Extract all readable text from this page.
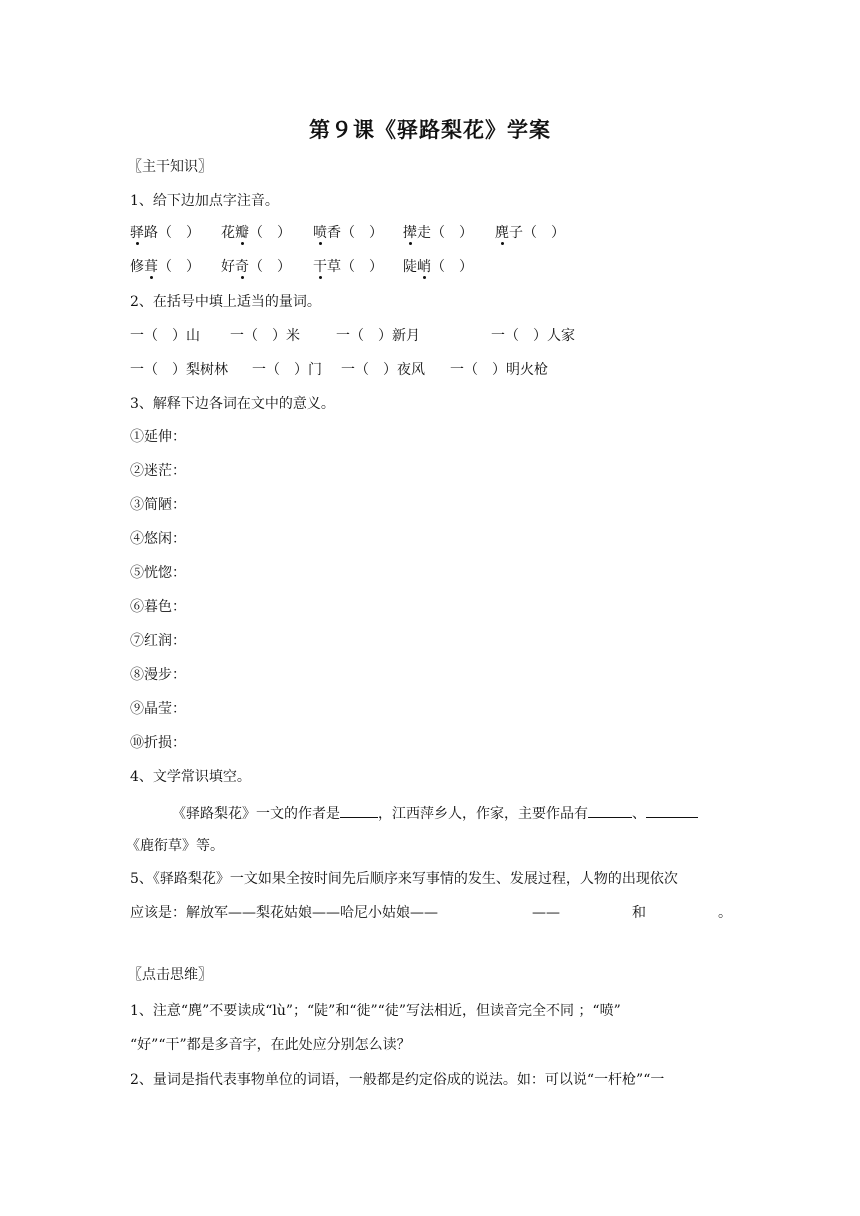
第９课《驿路梨花》学案
〖主干知识〗
1、给下边加点字注音。
驿路（　） 花瓣（　） 喷香（　） 撵走（　） 麂子（　）
修葺（　） 好奇（　） 干草（　） 陡峭（　）
2、在括号中填上适当的量词。
一（　）山 一（　）米	一（　）新月	一（　）人家
一（　）梨树林 一（　）门 一（　）夜风 一（　）明火枪
3、解释下边各词在文中的意义。
①延伸：
②迷茫：
③简陋：
④悠闲：
⑤恍惚：
⑥暮色：
⑦红润：
⑧漫步：
⑨晶莹：
⑩折损：
4、文学常识填空。
《驿路梨花》一文的作者是	，江西萍乡人，作家，主要作品有	、
《鹿衔草》等。
5、《驿路梨花》一文如果全按时间先后顺序来写事情的发生、发展过程，人物的出现依次
应该是：解放军——梨花姑娘——哈尼小姑娘——	——	和	。
〖点击思维〗
1、注意“麂”不要读成“lù”；“陡”和“徙”“徒”写法相近，但读音完全不同 ；“喷”
“好”“干”都是多音字，在此处应分别怎么读？
2、量词是指代表事物单位的词语，一般都是约定俗成的说法。如：可以说“一杆枪”“一
